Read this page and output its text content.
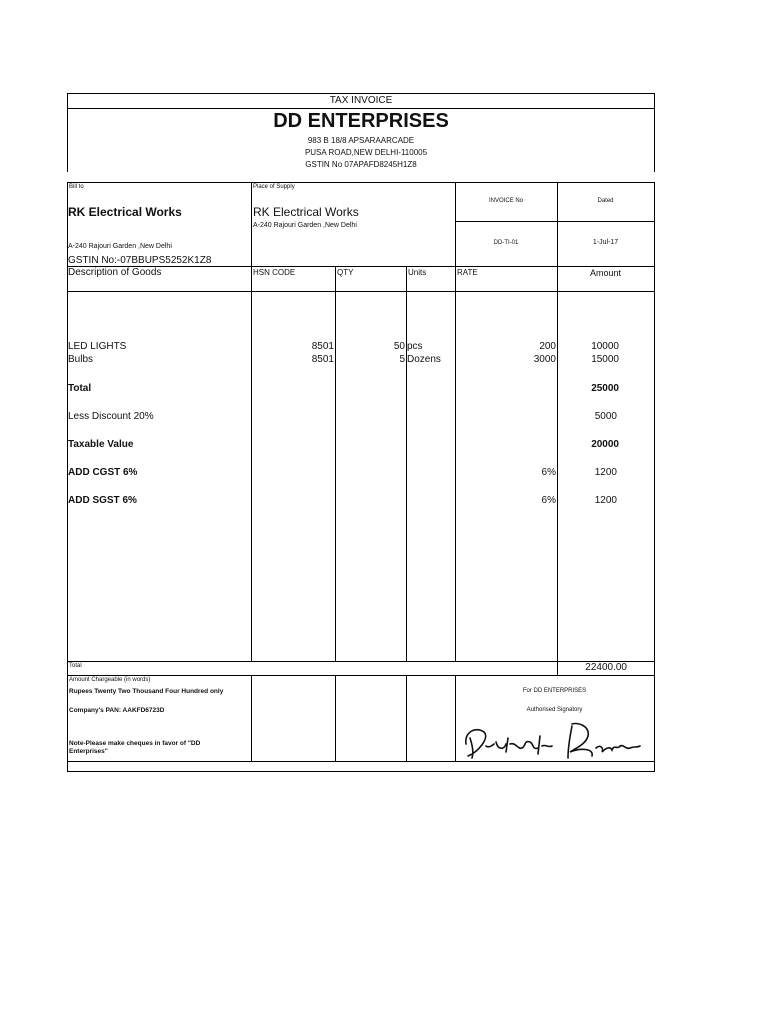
TAX INVOICE
DD ENTERPRISES
983 B 18/8 APSARAARCADE
PUSA ROAD,NEW DELHI-110005
GSTIN No 07APAFD8245H1Z8
Bill to
RK Electrical Works
A-240 Rajouri Garden ,New Delhi
GSTIN No:-07BBUPS5252K1Z8
Place of Supply
RK Electrical Works
A-240 Rajouri Garden ,New Delhi
INVOICE No	Dated
DD-TI-01	1-Jul-17
Description of Goods	HSN CODE	QTY	Units	RATE	Amount
LED LIGHTS	8501	50 pcs	200	10000
Bulbs	8501	5 Dozens	3000	15000
Total	25000
Less Discount 20%	5000
Taxable Value	20000
ADD CGST 6%	6%	1200
ADD SGST 6%	6%	1200
Total	22400.00
Amount Chargeable (in words)
Rupees Twenty Two Thousand Four Hundred only
Company's PAN: AAKFD6723D
Note-Please make cheques in favor of "DD
Enterprises"
For DD ENTERPRISES
Authorised Signatory
